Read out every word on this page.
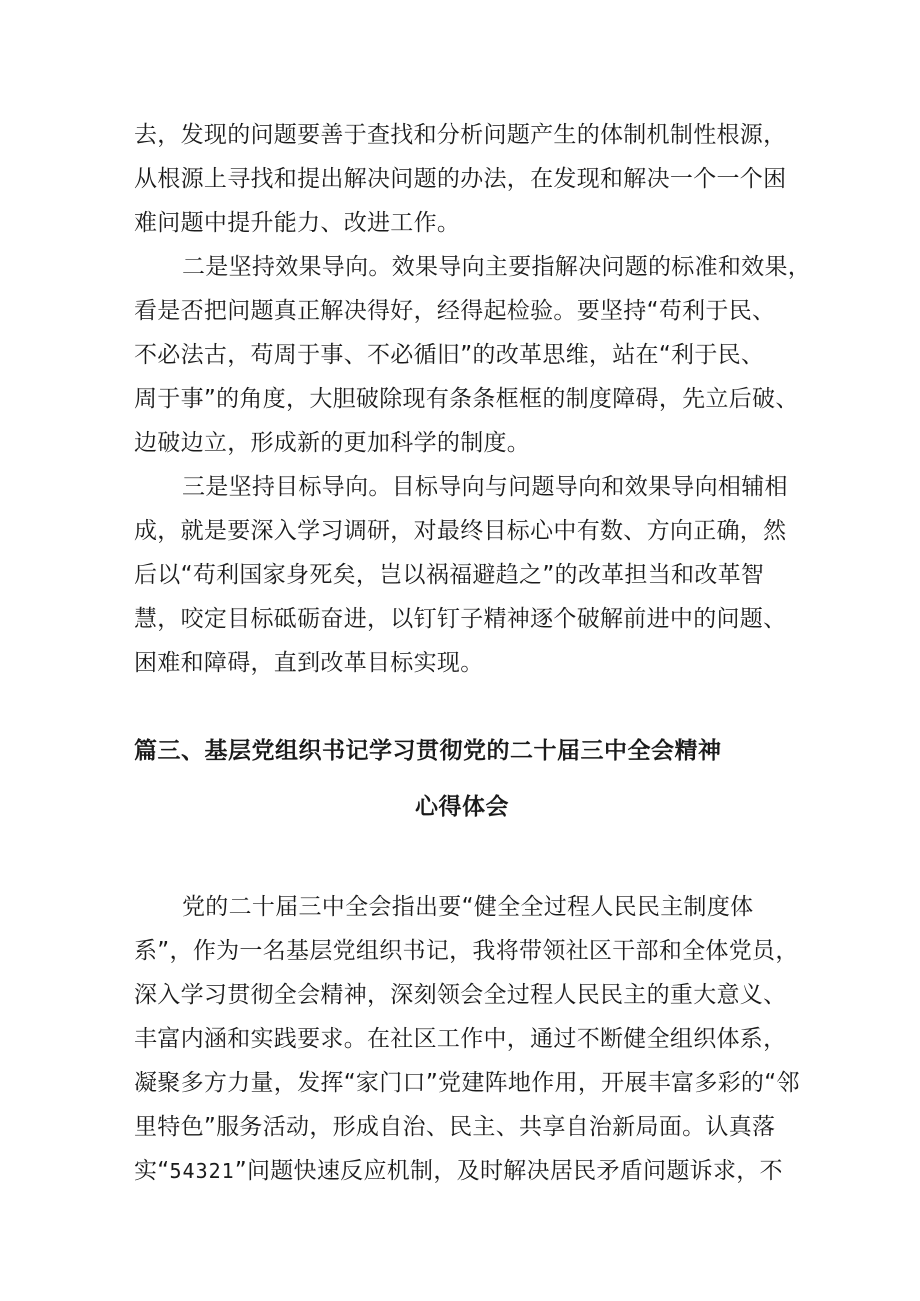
去，发现的问题要善于查找和分析问题产生的体制机制性根源，
从根源上寻找和提出解决问题的办法，在发现和解决一个一个困
难问题中提升能力、改进工作。
二是坚持效果导向。效果导向主要指解决问题的标准和效果，
看是否把问题真正解决得好，经得起检验。要坚持“苟利于民、
不必法古，苟周于事、不必循旧”的改革思维，站在“利于民、
周于事”的角度，大胆破除现有条条框框的制度障碍，先立后破、
边破边立，形成新的更加科学的制度。
三是坚持目标导向。目标导向与问题导向和效果导向相辅相
成，就是要深入学习调研，对最终目标心中有数、方向正确，然
后以“苟利国家身死矣，岂以祸福避趋之”的改革担当和改革智
慧，咬定目标砥砺奋进，以钉钉子精神逐个破解前进中的问题、
困难和障碍，直到改革目标实现。
篇三、基层党组织书记学习贯彻党的二十届三中全会精神
心得体会
党的二十届三中全会指出要“健全全过程人民民主制度体
系”，作为一名基层党组织书记，我将带领社区干部和全体党员，
深入学习贯彻全会精神，深刻领会全过程人民民主的重大意义、
丰富内涵和实践要求。在社区工作中，通过不断健全组织体系，
凝聚多方力量，发挥“家门口”党建阵地作用，开展丰富多彩的“邻
里特色”服务活动，形成自治、民主、共享自治新局面。认真落
实“54321”问题快速反应机制，及时解决居民矛盾问题诉求，不
